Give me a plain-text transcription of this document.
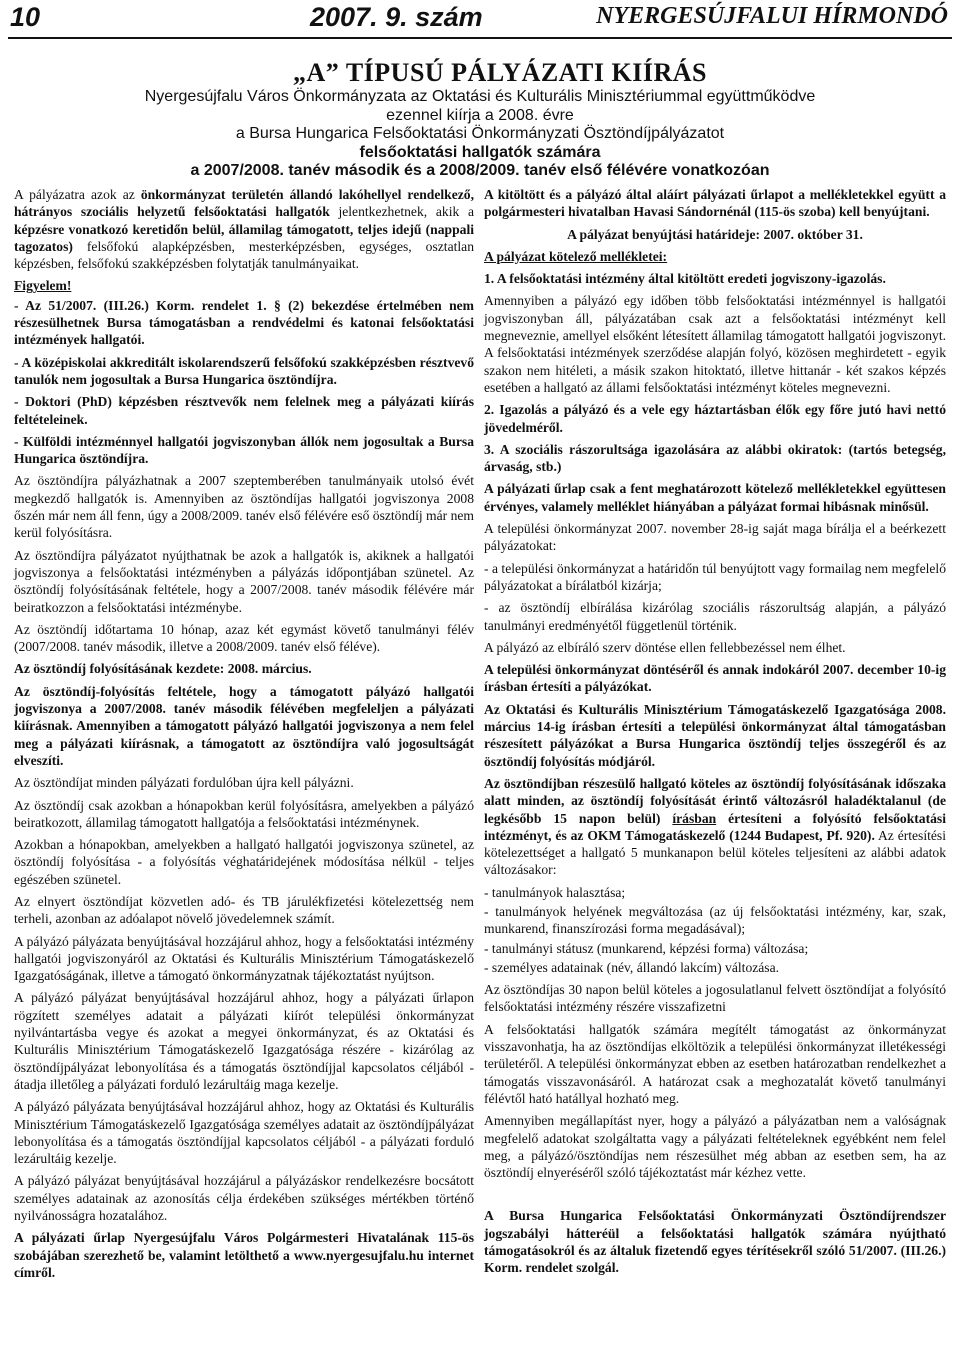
10	2007. 9. szám	NYERGESÚJFALUI HÍRMONDÓ
„A” TÍPUSÚ PÁLYÁZATI KIÍRÁS
Nyergesújfalu Város Önkormányzata az Oktatási és Kulturális Minisztériummal együttműködve
ezennel kiírja a 2008. évre
a Bursa Hungarica Felsőoktatási Önkormányzati Ösztöndíjpályázatot
felsőoktatási hallgatók számára
a 2007/2008. tanév második és a 2008/2009. tanév első félévére vonatkozóan

A pályázatra azok az önkormányzat területén állandó lakóhellyel rendelkező, hátrányos szociális helyzetű felsőoktatási hallgatók jelentkezhetnek, akik a képzésre vonatkozó keretidőn belül, államilag támogatott, teljes idejű (nappali tagozatos) felsőfokú alapképzésben, mesterképzésben, egységes, osztatlan képzésben, felsőfokú szakképzésben folytatják tanulmányaikat.

Figyelem!

- Az 51/2007. (III.26.) Korm. rendelet 1. § (2) bekezdése értelmében nem részesülhetnek Bursa támogatásban a rendvédelmi és katonai felsőoktatási intézmények hallgatói.

- A középiskolai akkreditált iskolarendszerű felsőfokú szakképzésben résztvevő tanulók nem jogosultak a Bursa Hungarica ösztöndíjra.

- Doktori (PhD) képzésben résztvevők nem felelnek meg a pályázati kiírás feltételeinek.

- Külföldi intézménnyel hallgatói jogviszonyban állók nem jogosultak a Bursa Hungarica ösztöndíjra.

Az ösztöndíjra pályázhatnak a 2007 szeptemberében tanulmányaik utolsó évét megkezdő hallgatók is. Amennyiben az ösztöndíjas hallgatói jogviszonya 2008 őszén már nem áll fenn, úgy a 2008/2009. tanév első félévére eső ösztöndíj már nem kerül folyósításra.

Az ösztöndíjra pályázatot nyújthatnak be azok a hallgatók is, akiknek a hallgatói jogviszonya a felsőoktatási intézményben a pályázás időpontjában szünetel. Az ösztöndíj folyósításának feltétele, hogy a 2007/2008. tanév második félévére már beiratkozzon a felsőoktatási intézménybe.

Az ösztöndíj időtartama 10 hónap, azaz két egymást követő tanulmányi félév (2007/2008. tanév második, illetve a 2008/2009. tanév első féléve).

Az ösztöndíj folyósításának kezdete: 2008. március.

Az ösztöndíj-folyósítás feltétele, hogy a támogatott pályázó hallgatói jogviszonya a 2007/2008. tanév második félévében megfeleljen a pályázati kiírásnak. Amennyiben a támogatott pályázó hallgatói jogviszonya a nem felel meg a pályázati kiírásnak, a támogatott az ösztöndíjra való jogosultságát elveszíti.

Az ösztöndíjat minden pályázati fordulóban újra kell pályázni.

Az ösztöndíj csak azokban a hónapokban kerül folyósításra, amelyekben a pályázó beiratkozott, államilag támogatott hallgatója a felsőoktatási intézménynek.

Azokban a hónapokban, amelyekben a hallgató hallgatói jogviszonya szünetel, az ösztöndíj folyósítása - a folyósítás véghatáridejének módosítása nélkül - teljes egészében szünetel.

Az elnyert ösztöndíjat közvetlen adó- és TB járulékfizetési kötelezettség nem terheli, azonban az adóalapot növelő jövedelemnek számít.

A pályázó pályázata benyújtásával hozzájárul ahhoz, hogy a felsőoktatási intézmény hallgatói jogviszonyáról az Oktatási és Kulturális Minisztérium Támogatáskezelő Igazgatóságának, illetve a támogató önkormányzatnak tájékoztatást nyújtson.

A pályázó pályázat benyújtásával hozzájárul ahhoz, hogy a pályázati űrlapon rögzített személyes adatait a pályázati kiírót települési önkormányzat nyilvántartásba vegye és azokat a megyei önkormányzat, és az Oktatási és Kulturális Minisztérium Támogatáskezelő Igazgatósága részére - kizárólag az ösztöndíjpályázat lebonyolítása és a támogatás ösztöndíjjal kapcsolatos céljából - átadja illetőleg a pályázati forduló lezárultáig maga kezelje.

A pályázó pályázata benyújtásával hozzájárul ahhoz, hogy az Oktatási és Kulturális Minisztérium Támogatáskezelő Igazgatósága személyes adatait az ösztöndíjpályázat lebonyolítása és a támogatás ösztöndíjjal kapcsolatos céljából - a pályázati forduló lezárultáig kezelje.

A pályázó pályázat benyújtásával hozzájárul a pályázáskor rendelkezésre bocsátott személyes adatainak az azonosítás célja érdekében szükséges mértékben történő nyilvánosságra hozatalához.

A pályázati űrlap Nyergesújfalu Város Polgármesteri Hivatalának 115-ös szobájában szerezhető be, valamint letölthető a www.nyergesujfalu.hu internet címről.

A kitöltött és a pályázó által aláírt pályázati űrlapot a mellékletekkel együtt a polgármesteri hivatalban Havasi Sándornénál (115-ös szoba) kell benyújtani.

A pályázat benyújtási határideje: 2007. október 31.

A pályázat kötelező mellékletei:

1. A felsőoktatási intézmény által kitöltött eredeti jogviszony-igazolás.

Amennyiben a pályázó egy időben több felsőoktatási intézménnyel is hallgatói jogviszonyban áll, pályázatában csak azt a felsőoktatási intézményt kell megneveznie, amellyel elsőként létesített államilag támogatott hallgatói jogviszonyt. A felsőoktatási intézmények szerződése alapján folyó, közösen meghirdetett - egyik szakon nem hitéleti, a másik szakon hitoktató, illetve hittanár - két szakos képzés esetében a hallgató az állami felsőoktatási intézményt köteles megnevezni.

2. Igazolás a pályázó és a vele egy háztartásban élők egy főre jutó havi nettó jövedelméről.

3. A szociális rászorultsága igazolására az alábbi okiratok: (tartós betegség, árvaság, stb.)

A pályázati űrlap csak a fent meghatározott kötelező mellékletekkel együttesen érvényes, valamely melléklet hiányában a pályázat formai hibásnak minősül.

A települési önkormányzat 2007. november 28-ig saját maga bírálja el a beérkezett pályázatokat:

- a települési önkormányzat a határidőn túl benyújtott vagy formailag nem megfelelő pályázatokat a bírálatból kizárja;

- az ösztöndíj elbírálása kizárólag szociális rászorultság alapján, a pályázó tanulmányi eredményétől függetlenül történik.

A pályázó az elbíráló szerv döntése ellen fellebbezéssel nem élhet.

A települési önkormányzat döntéséről és annak indokáról 2007. december 10-ig írásban értesíti a pályázókat.

Az Oktatási és Kulturális Minisztérium Támogatáskezelő Igazgatósága 2008. március 14-ig írásban értesíti a települési önkormányzat által támogatásban részesített pályázókat a Bursa Hungarica ösztöndíj teljes összegéről és az ösztöndíj folyósítás módjáról.

Az ösztöndíjban részesülő hallgató köteles az ösztöndíj folyósításának időszaka alatt minden, az ösztöndíj folyósítását érintő változásról haladéktalanul (de legkésőbb 15 napon belül) írásban értesíteni a folyósító felsőoktatási intézményt, és az OKM Támogatáskezelő (1244 Budapest, Pf. 920). Az értesítési kötelezettséget a hallgató 5 munkanapon belül köteles teljesíteni az alábbi adatok változásakor:

- tanulmányok halasztása;

- tanulmányok helyének megváltozása (az új felsőoktatási intézmény, kar, szak, munkarend, finanszírozási forma megadásával);

- tanulmányi státusz (munkarend, képzési forma) változása;

- személyes adatainak (név, állandó lakcím) változása.

Az ösztöndíjas 30 napon belül köteles a jogosulatlanul felvett ösztöndíjat a folyósító felsőoktatási intézmény részére visszafizetni

A felsőoktatási hallgatók számára megítélt támogatást az önkormányzat visszavonhatja, ha az ösztöndíjas elköltözik a települési önkormányzat illetékességi területéről. A települési önkormányzat ebben az esetben határozatban rendelkezhet a támogatás visszavonásáról. A határozat csak a meghozatalát követő tanulmányi félévtől ható hatállyal hozható meg.

Amennyiben megállapítást nyer, hogy a pályázó a pályázatban nem a valóságnak megfelelő adatokat szolgáltatta vagy a pályázati feltételeknek egyébként nem felel meg, a pályázó/ösztöndíjas nem részesülhet még abban az esetben sem, ha az ösztöndíj elnyeréséről szóló tájékoztatást már kézhez vette.

A Bursa Hungarica Felsőoktatási Önkormányzati Ösztöndíjrendszer jogszabályi hátteréül a felsőoktatási hallgatók számára nyújtható támogatásokról és az általuk fizetendő egyes térítésekről szóló 51/2007. (III.26.) Korm. rendelet szolgál.
